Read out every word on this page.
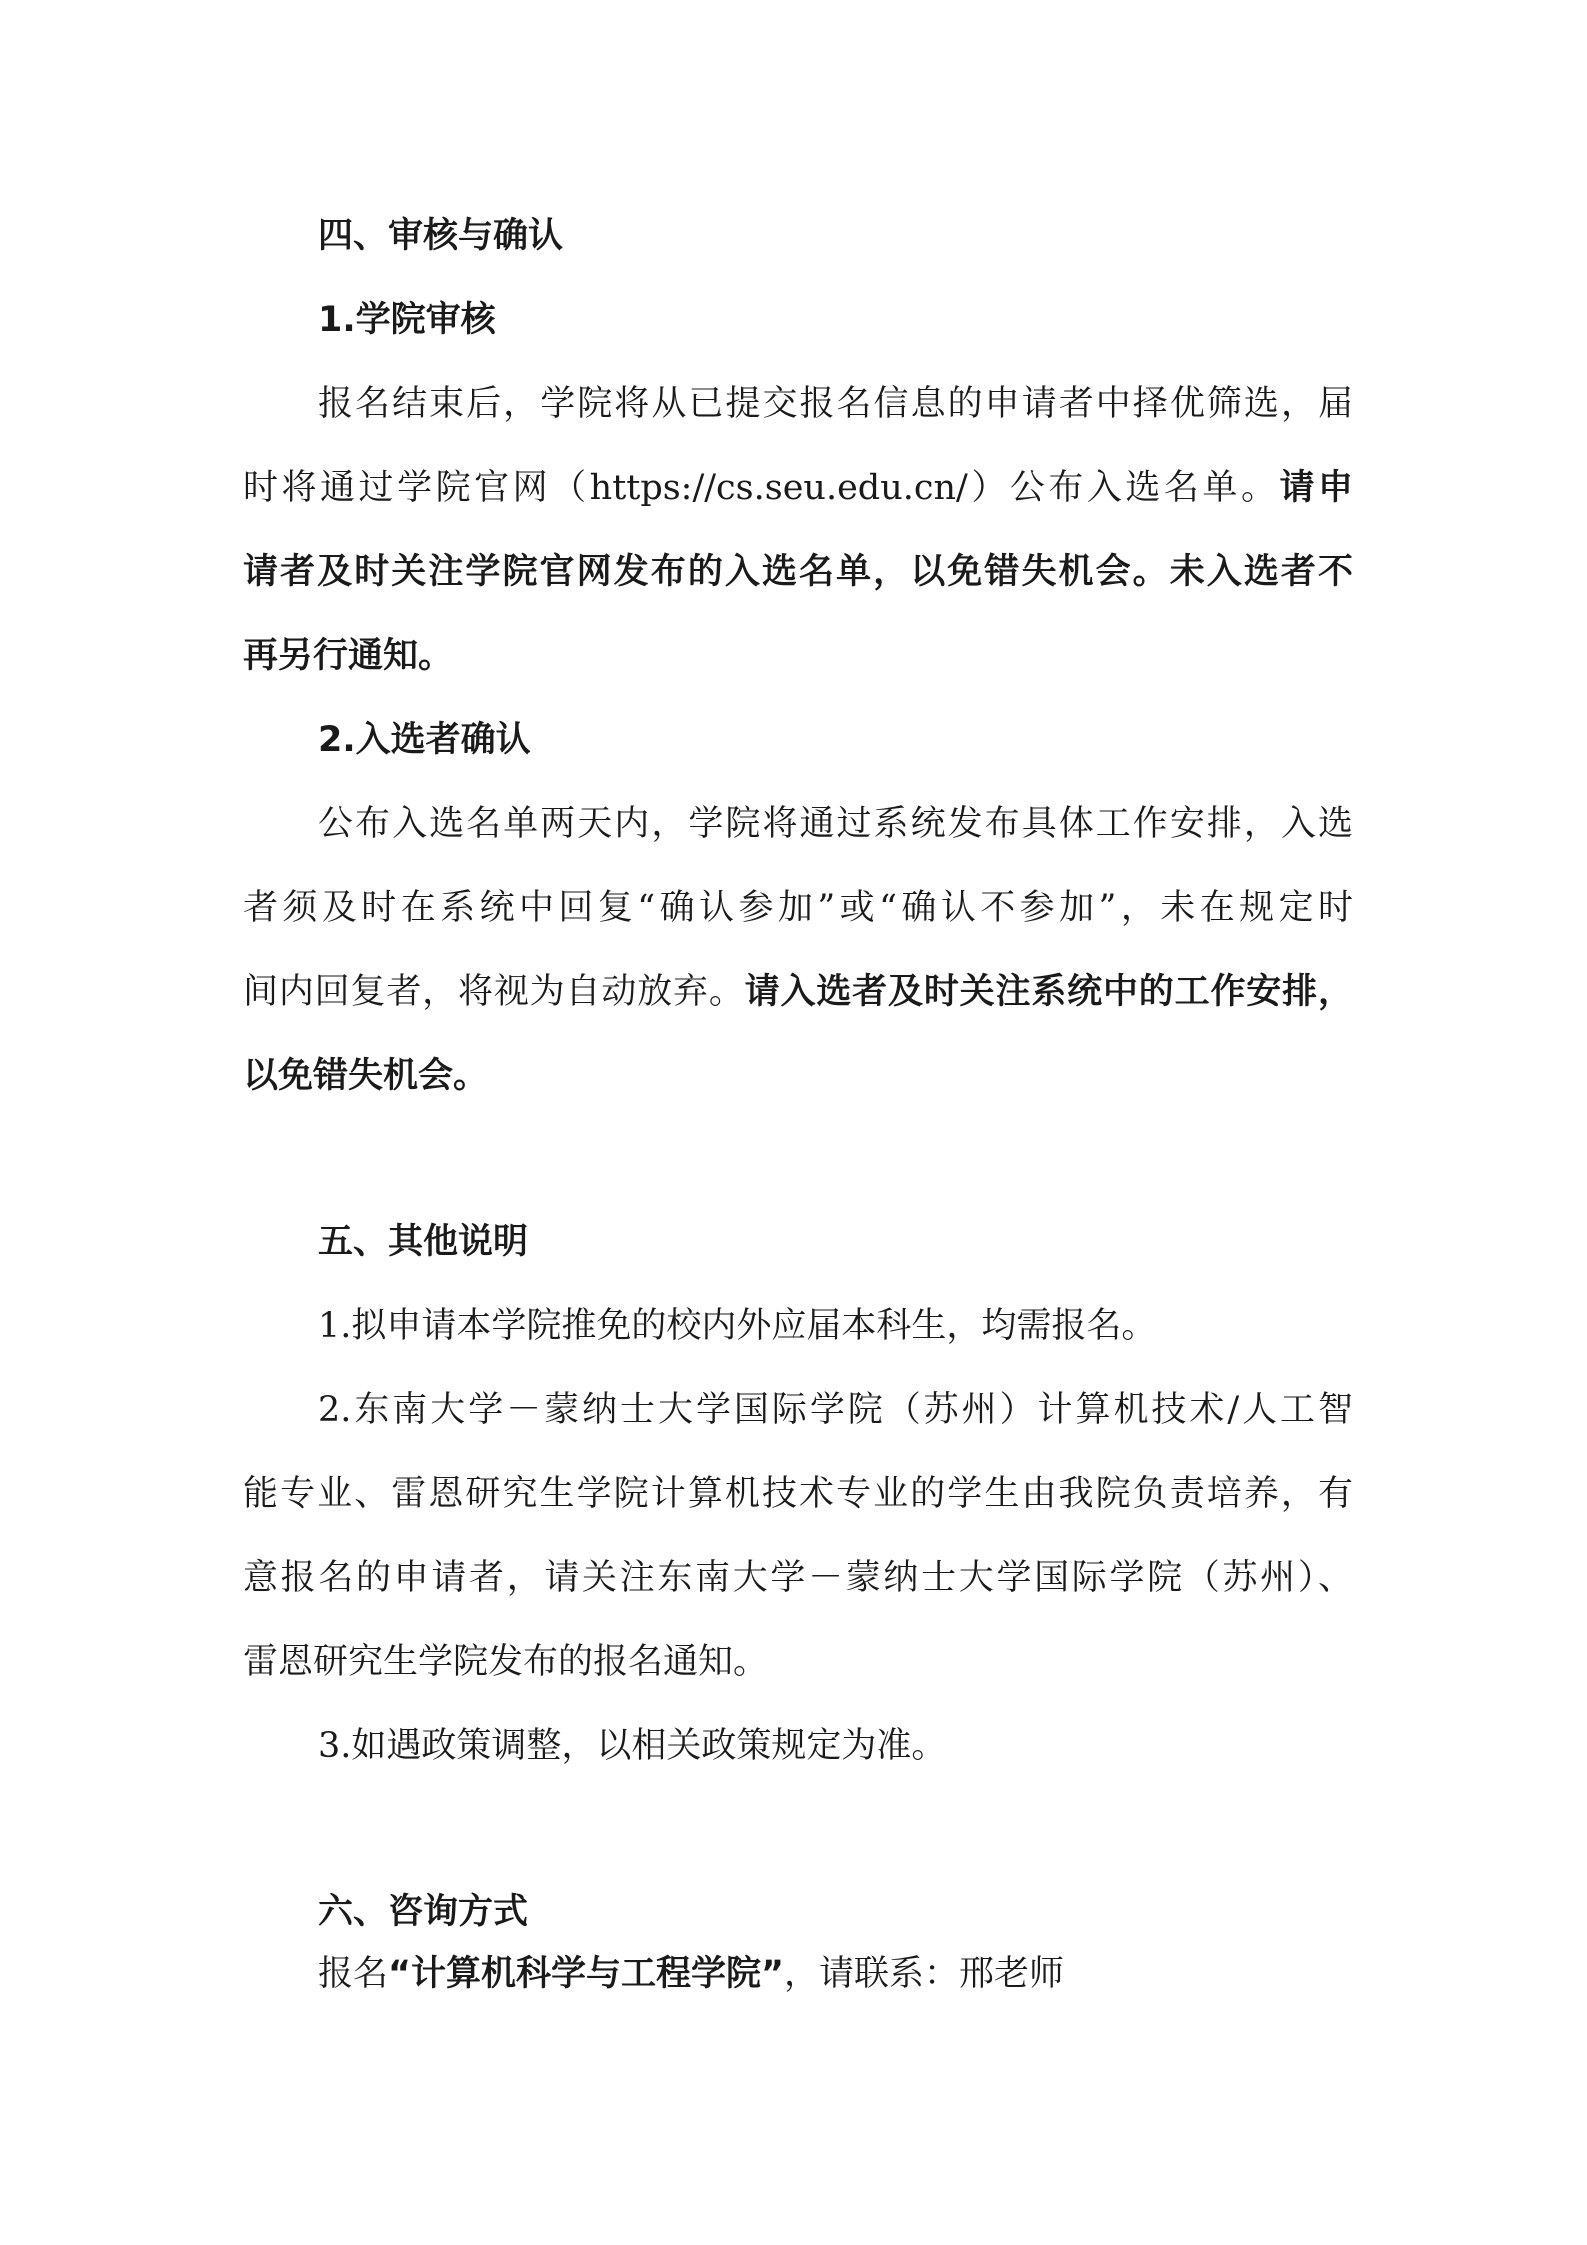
四、审核与确认
1.学院审核
报名结束后，学院将从已提交报名信息的申请者中择优筛选，届
时将通过学院官网（https://cs.seu.edu.cn/）公布入选名单。请申
请者及时关注学院官网发布的入选名单，以免错失机会。未入选者不
再另行通知。
2.入选者确认
公布入选名单两天内，学院将通过系统发布具体工作安排，入选
者须及时在系统中回复“确认参加”或“确认不参加”，未在规定时
间内回复者，将视为自动放弃。请入选者及时关注系统中的工作安排，
以免错失机会。
五、其他说明
1.拟申请本学院推免的校内外应届本科生，均需报名。
2.东南大学－蒙纳士大学国际学院（苏州）计算机技术/人工智
能专业、雷恩研究生学院计算机技术专业的学生由我院负责培养，有
意报名的申请者，请关注东南大学－蒙纳士大学国际学院（苏州）、
雷恩研究生学院发布的报名通知。
3.如遇政策调整，以相关政策规定为准。
六、咨询方式
报名“计算机科学与工程学院”，请联系：邢老师
